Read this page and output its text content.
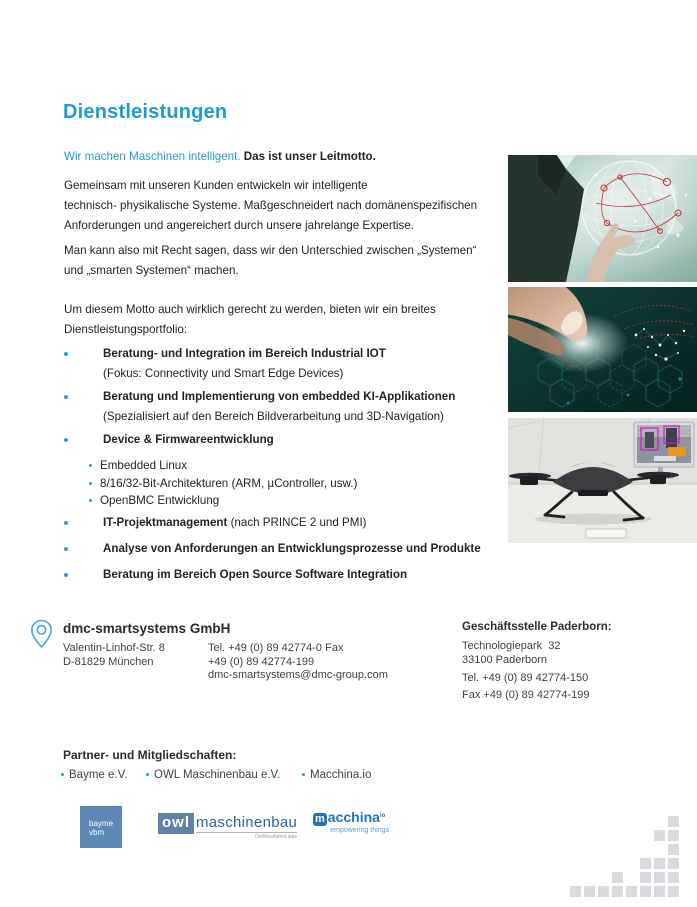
Dienstleistungen
Wir machen Maschinen intelligent. Das ist unser Leitmotto.
Gemeinsam mit unseren Kunden entwickeln wir intelligente
technisch- physikalische Systeme. Maßgeschneidert nach domänenspezifischen
Anforderungen und angereichert durch unsere jahrelange Expertise.
Man kann also mit Recht sagen, dass wir den Unterschied zwischen „Systemen“
und „smarten Systemen“ machen.
Um diesem Motto auch wirklich gerecht zu werden, bieten wir ein breites
Dienstleistungsportfolio:
Beratung- und Integration im Bereich Industrial IOT
(Fokus: Connectivity und Smart Edge Devices)
Beratung und Implementierung von embedded KI-Applikationen
(Spezialisiert auf den Bereich Bildverarbeitung und 3D-Navigation)
Device & Firmwareentwicklung
Embedded Linux
8/16/32-Bit-Architekturen (ARM, µController, usw.)
OpenBMC Entwicklung
IT-Projektmanagement (nach PRINCE 2 und PMI)
Analyse von Anforderungen an Entwicklungsprozesse und Produkte
Beratung im Bereich Open Source Software Integration
dmc-smartsystems GmbH
Valentin-Linhof-Str. 8
D-81829 München
Tel. +49 (0) 89 42774-0 Fax
+49 (0) 89 42774-199
dmc-smartsystems@dmc-group.com
Geschäftsstelle Paderborn:
Technologiepark  32
33100 Paderborn
Tel. +49 (0) 89 42774-150
Fax +49 (0) 89 42774-199
Partner- und Mitgliedschaften:
Bayme e.V.	OWL Maschinenbau e.V.	Macchina.io
bayme
vbm
owl maschinenbau
OstWestfalenLippe
m acchina$^{io}$
empowering things
